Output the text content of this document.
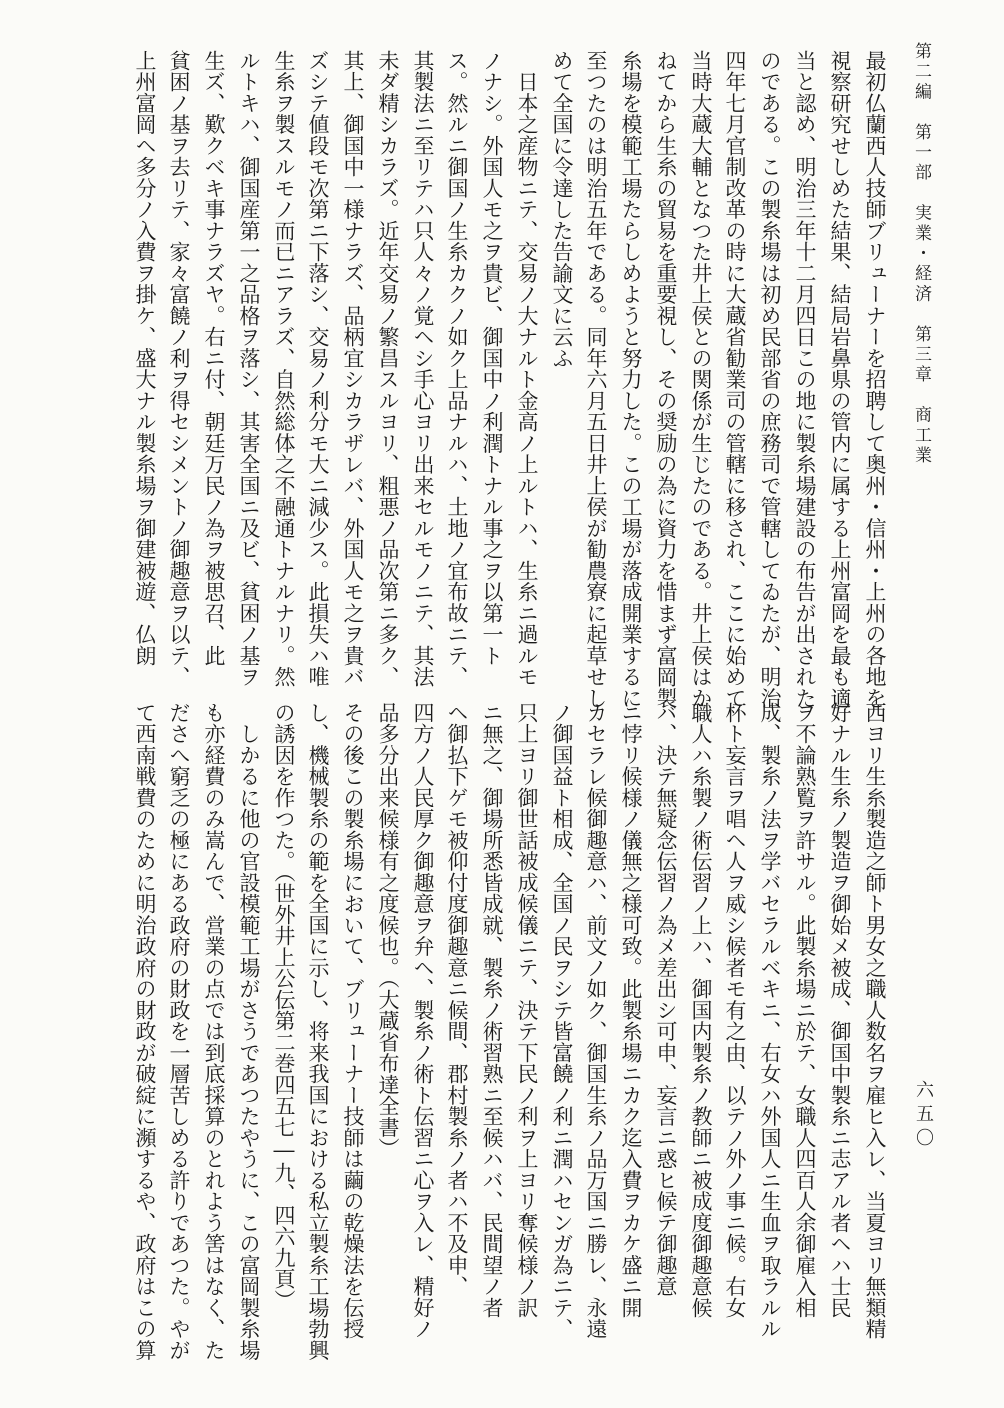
第二編　第一部　実業・経済　第三章　商工業
六五〇
最初仏蘭西人技師ブリューナーを招聘して奥州・信州・上州の各地を
視察研究せしめた結果、結局岩鼻県の管内に属する上州富岡を最も適
当と認め、明治三年十二月四日この地に製糸場建設の布告が出された
のである。この製糸場は初め民部省の庶務司で管轄してゐたが、明治
四年七月官制改革の時に大蔵省勧業司の管轄に移され、ここに始めて
当時大蔵大輔となつた井上侯との関係が生じたのである。井上侯はか
ねてから生糸の貿易を重要視し、その奨励の為に資力を惜まず富岡製
糸場を模範工場たらしめようと努力した。この工場が落成開業するに
至つたのは明治五年である。同年六月五日井上侯が勧農寮に起草せし
めて全国に令達した告諭文に云ふ
　日本之産物ニテ、交易ノ大ナルト金高ノ上ルトハ、生糸ニ過ルモ
ノナシ。外国人モ之ヲ貴ビ、御国中ノ利潤トナル事之ヲ以第一ト
ス。然ルニ御国ノ生糸カクノ如ク上品ナルハ、土地ノ宜布故ニテ、
其製法ニ至リテハ只人々ノ覚ヘシ手心ヨリ出来セルモノニテ、其法
未ダ精シカラズ。近年交易ノ繁昌スルヨリ、粗悪ノ品次第ニ多ク、
其上、御国中一様ナラズ、品柄宜シカラザレバ、外国人モ之ヲ貴バ
ズシテ値段モ次第ニ下落シ、交易ノ利分モ大ニ減少ス。此損失ハ唯
生糸ヲ製スルモノ而已ニアラズ、自然総体之不融通トナルナリ。然
ルトキハ、御国産第一之品格ヲ落シ、其害全国ニ及ビ、貧困ノ基ヲ
生ズ、歎クベキ事ナラズヤ。右ニ付、朝廷万民ノ為ヲ被思召、此
貧困ノ基ヲ去リテ、家々富饒ノ利ヲ得セシメントノ御趣意ヲ以テ、
上州富岡ヘ多分ノ入費ヲ掛ケ、盛大ナル製糸場ヲ御建被遊、仏朗
西ヨリ生糸製造之師ト男女之職人数名ヲ雇ヒ入レ、当夏ヨリ無類精
好ナル生糸ノ製造ヲ御始メ被成、御国中製糸ニ志アル者ヘハ士民
ヲ不論熟覧ヲ許サル。此製糸場ニ於テ、女職人四百人余御雇入相
成、製糸ノ法ヲ学バセラルベキニ、右女ハ外国人ニ生血ヲ取ラルル
杯ト妄言ヲ唱ヘ人ヲ威シ候者モ有之由、以テノ外ノ事ニ候。右女
職人ハ糸製ノ術伝習ノ上ハ、御国内製糸ノ教師ニ被成度御趣意候
バ、決テ無疑念伝習ノ為メ差出シ可申、妄言ニ惑ヒ候テ御趣意
ニ悖リ候様ノ儀無之様可致。此製糸場ニカク迄入費ヲカケ盛ニ開
カセラレ候御趣意ハ、前文ノ如ク、御国生糸ノ品万国ニ勝レ、永遠
ノ御国益ト相成、全国ノ民ヲシテ皆富饒ノ利ニ潤ハセンガ為ニテ、
只上ヨリ御世話被成候儀ニテ、決テ下民ノ利ヲ上ヨリ奪候様ノ訳
ニ無之、御場所悉皆成就、製糸ノ術習熟ニ至候ハバ、民間望ノ者
ヘ御払下ゲモ被仰付度御趣意ニ候間、郡村製糸ノ者ハ不及申、
四方ノ人民厚ク御趣意ヲ弁ヘ、製糸ノ術ト伝習ニ心ヲ入レ、精好ノ
品多分出来候様有之度候也。（大蔵省布達全書）
その後この製糸場において、ブリューナー技師は繭の乾燥法を伝授
し、機械製糸の範を全国に示し、将来我国における私立製糸工場勃興
の誘因を作つた。（世外井上公伝第二巻四五七―九、四六九頁）
　しかるに他の官設模範工場がさうであつたやうに、この富岡製糸場
も亦経費のみ嵩んで、営業の点では到底採算のとれよう筈はなく、た
ださへ窮乏の極にある政府の財政を一層苦しめる許りであつた。やが
て西南戦費のために明治政府の財政が破綻に瀕するや、政府はこの算
